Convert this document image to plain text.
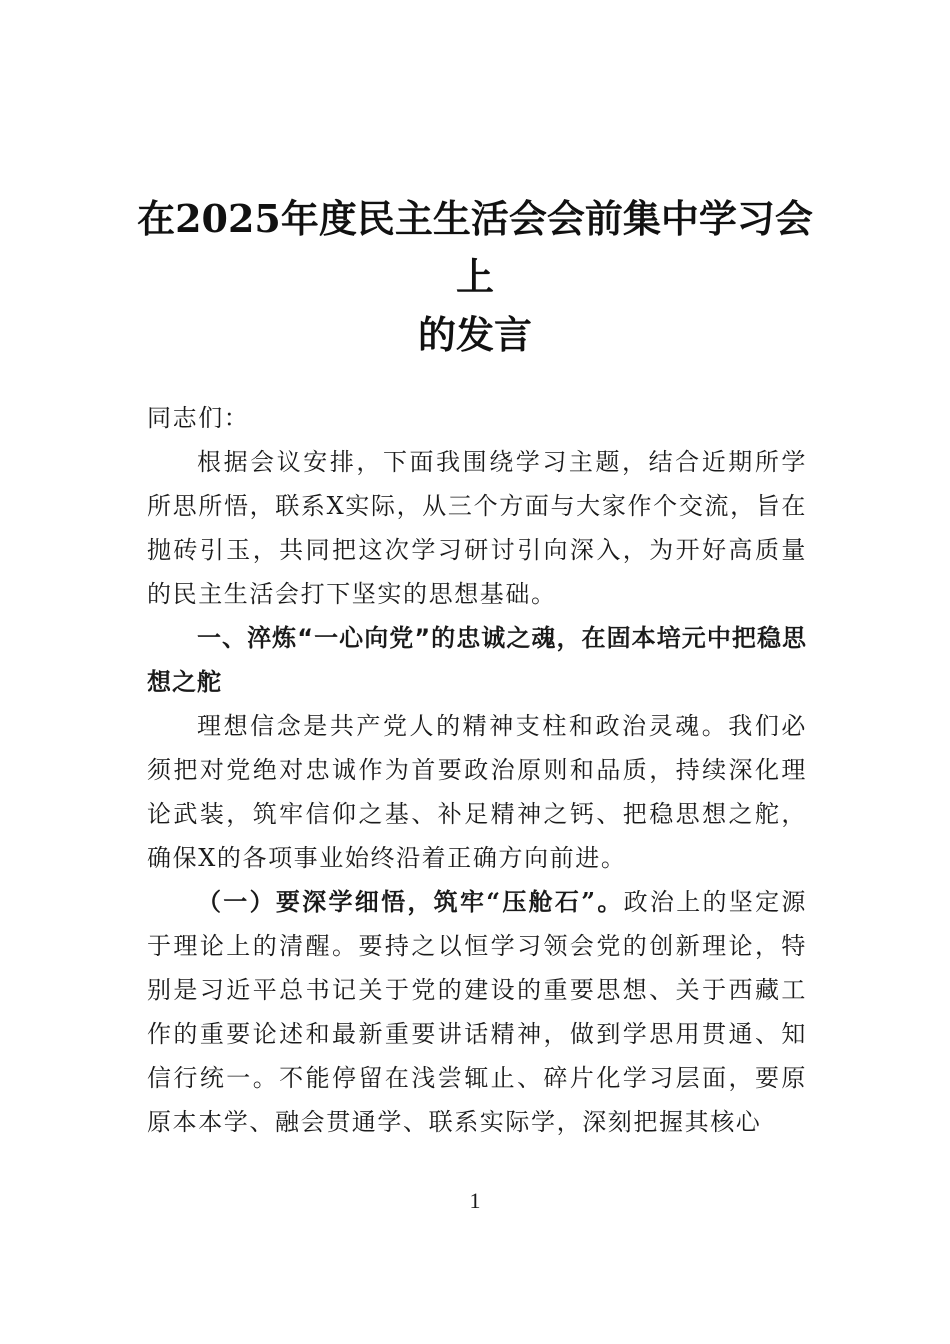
在2025年度民主生活会会前集中学习会上
的发言

同志们：

根据会议安排，下面我围绕学习主题，结合近期所学所思所悟，联系X实际，从三个方面与大家作个交流，旨在抛砖引玉，共同把这次学习研讨引向深入，为开好高质量的民主生活会打下坚实的思想基础。

一、淬炼“一心向党”的忠诚之魂，在固本培元中把稳思想之舵

理想信念是共产党人的精神支柱和政治灵魂。我们必须把对党绝对忠诚作为首要政治原则和品质，持续深化理论武装，筑牢信仰之基、补足精神之钙、把稳思想之舵，确保X的各项事业始终沿着正确方向前进。

（一）要深学细悟，筑牢“压舱石”。政治上的坚定源于理论上的清醒。要持之以恒学习领会党的创新理论，特别是习近平总书记关于党的建设的重要思想、关于西藏工作的重要论述和最新重要讲话精神，做到学思用贯通、知信行统一。不能停留在浅尝辄止、碎片化学习层面，要原原本本学、融会贯通学、联系实际学，深刻把握其核心

1
